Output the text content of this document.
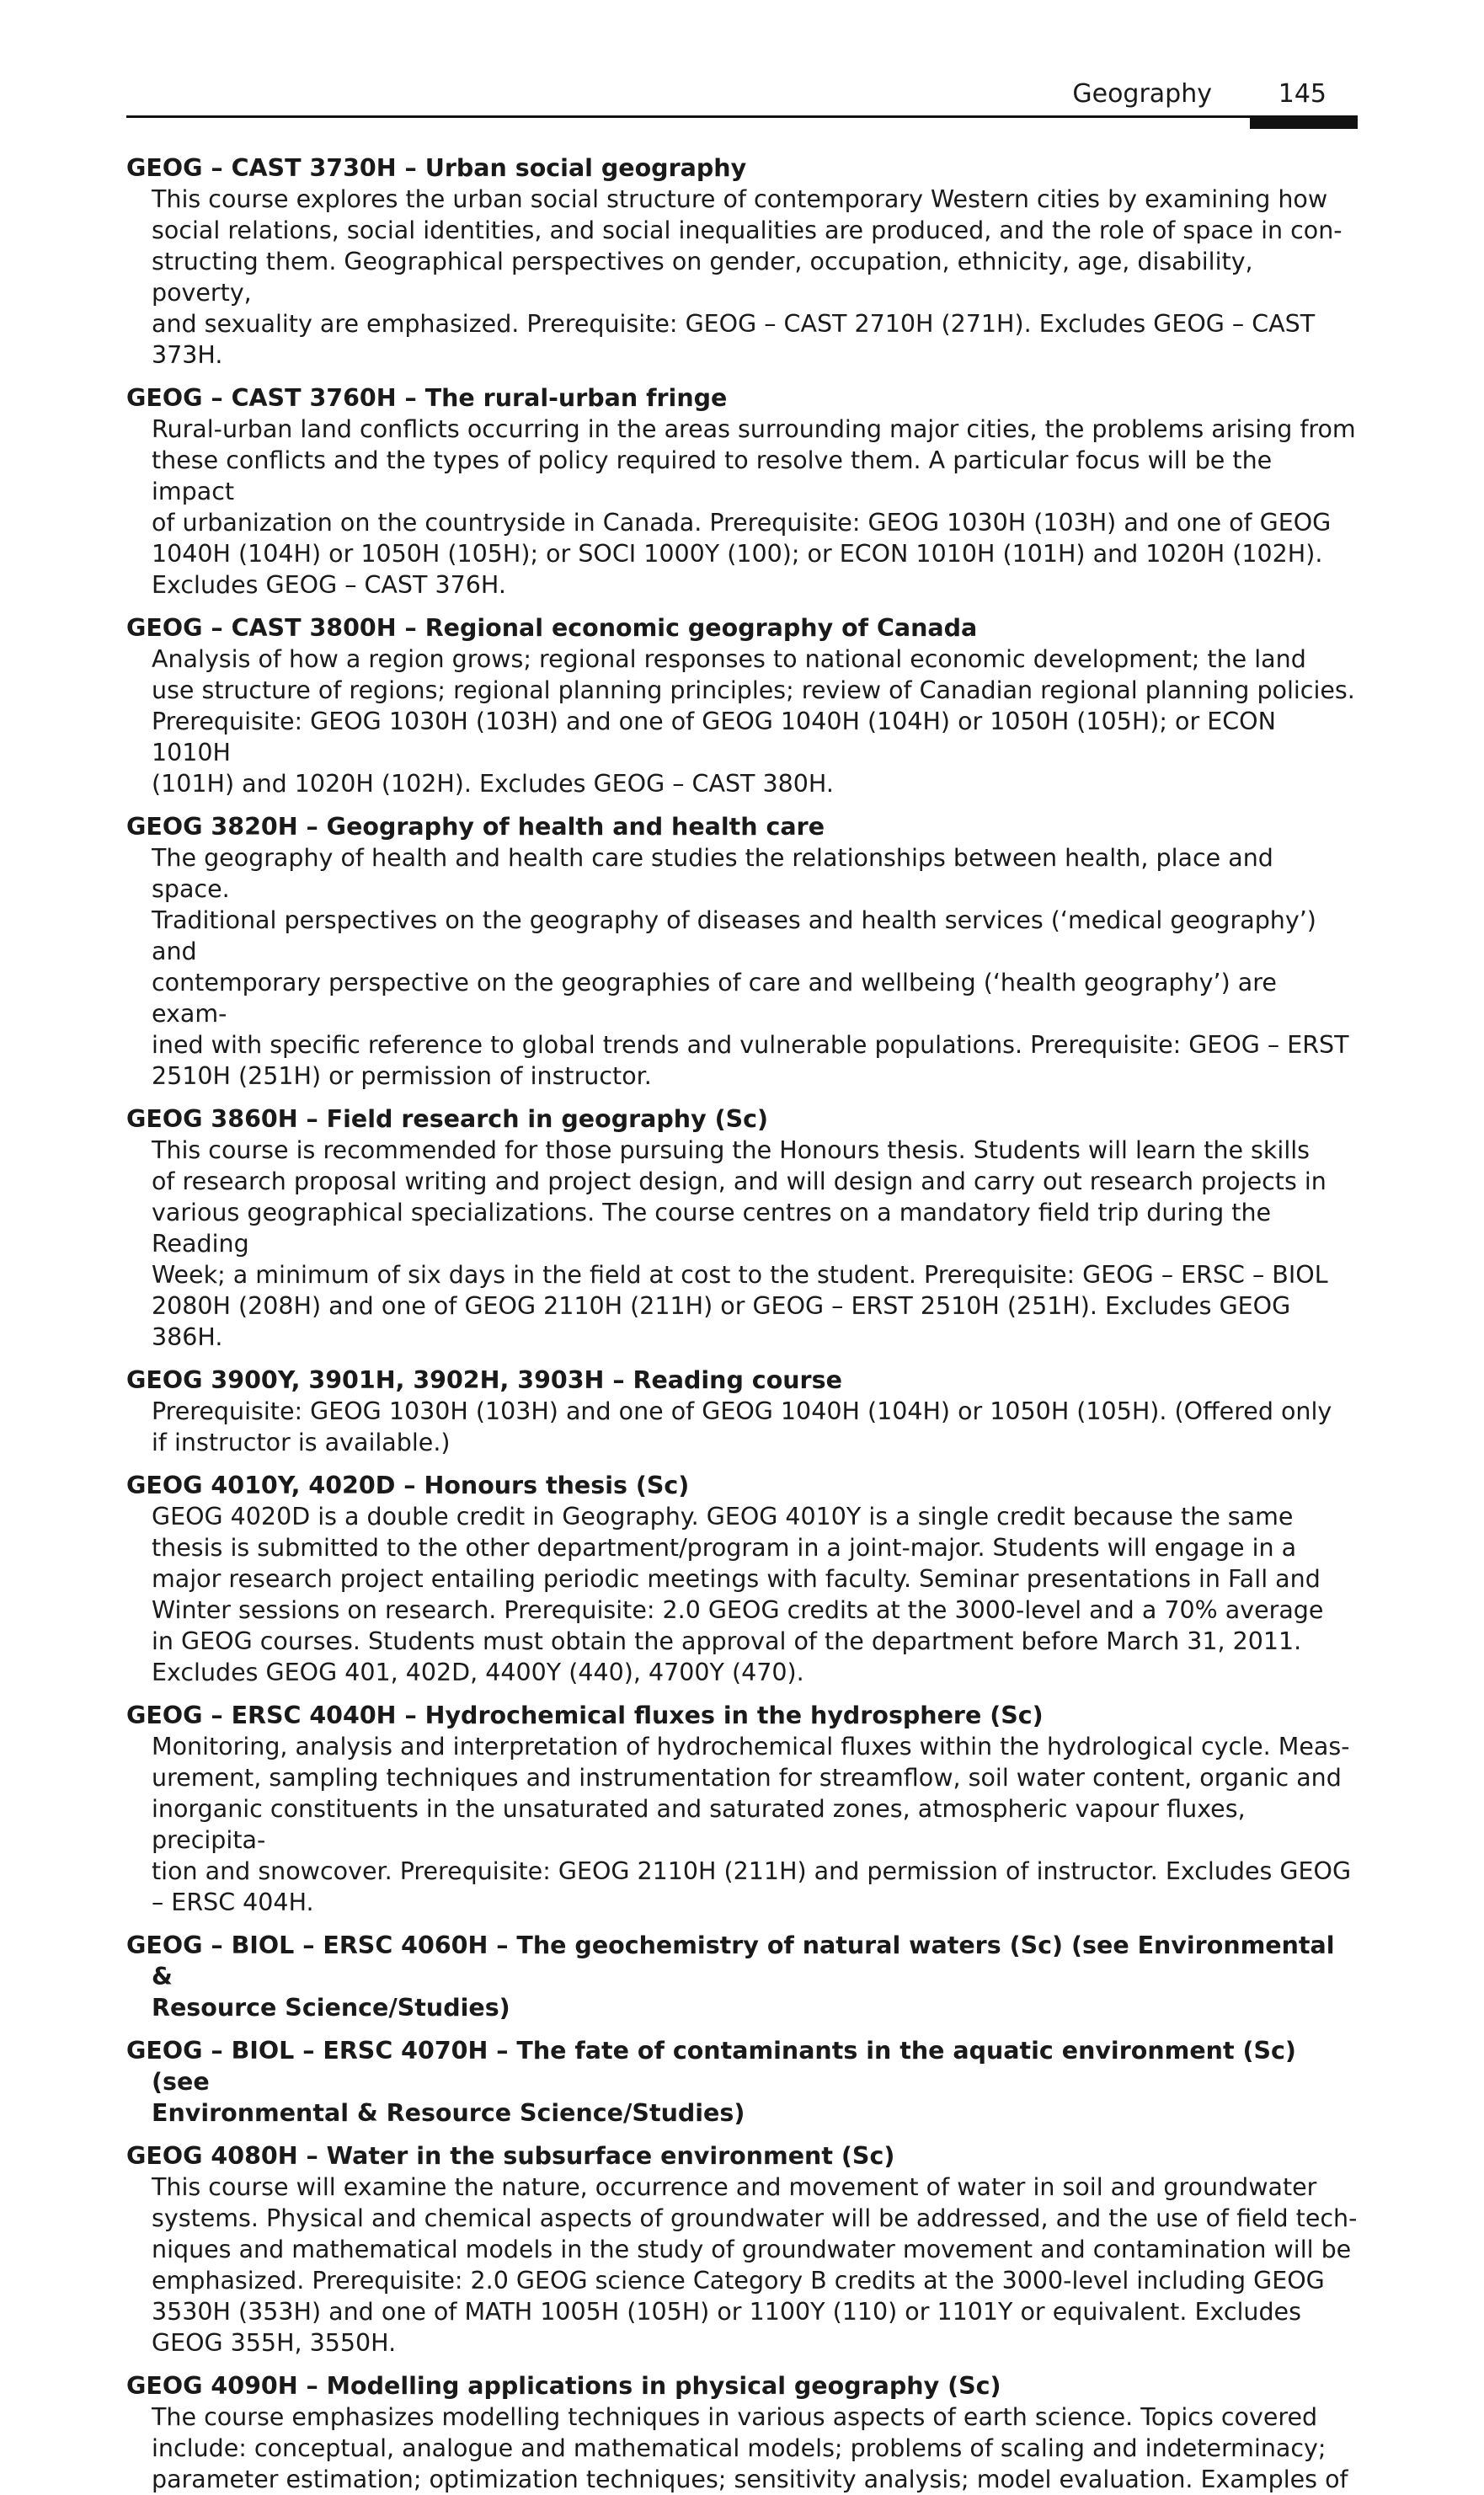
Geography	145
GEOG – CAST 3730H – Urban social geography
This course explores the urban social structure of contemporary Western cities by examining how
social relations, social identities, and social inequalities are produced, and the role of space in con-
structing them. Geographical perspectives on gender, occupation, ethnicity, age, disability, poverty,
and sexuality are emphasized. Prerequisite: GEOG – CAST 2710H (271H). Excludes GEOG – CAST
373H.
GEOG – CAST 3760H – The rural-urban fringe
Rural-urban land conflicts occurring in the areas surrounding major cities, the problems arising from
these conflicts and the types of policy required to resolve them. A particular focus will be the impact
of urbanization on the countryside in Canada. Prerequisite: GEOG 1030H (103H) and one of GEOG
1040H (104H) or 1050H (105H); or SOCI 1000Y (100); or ECON 1010H (101H) and 1020H (102H).
Excludes GEOG – CAST 376H.
GEOG – CAST 3800H – Regional economic geography of Canada
Analysis of how a region grows; regional responses to national economic development; the land
use structure of regions; regional planning principles; review of Canadian regional planning policies.
Prerequisite: GEOG 1030H (103H) and one of GEOG 1040H (104H) or 1050H (105H); or ECON 1010H
(101H) and 1020H (102H). Excludes GEOG – CAST 380H.
GEOG 3820H – Geography of health and health care
The geography of health and health care studies the relationships between health, place and space.
Traditional perspectives on the geography of diseases and health services (‘medical geography’) and
contemporary perspective on the geographies of care and wellbeing (‘health geography’) are exam-
ined with specific reference to global trends and vulnerable populations. Prerequisite: GEOG – ERST
2510H (251H) or permission of instructor.
GEOG 3860H – Field research in geography (Sc)
This course is recommended for those pursuing the Honours thesis. Students will learn the skills
of research proposal writing and project design, and will design and carry out research projects in
various geographical specializations. The course centres on a mandatory field trip during the Reading
Week; a minimum of six days in the field at cost to the student. Prerequisite: GEOG – ERSC – BIOL
2080H (208H) and one of GEOG 2110H (211H) or GEOG – ERST 2510H (251H). Excludes GEOG
386H.
GEOG 3900Y, 3901H, 3902H, 3903H – Reading course
Prerequisite: GEOG 1030H (103H) and one of GEOG 1040H (104H) or 1050H (105H). (Offered only
if instructor is available.)
GEOG 4010Y, 4020D – Honours thesis (Sc)
GEOG 4020D is a double credit in Geography. GEOG 4010Y is a single credit because the same
thesis is submitted to the other department/program in a joint-major. Students will engage in a
major research project entailing periodic meetings with faculty. Seminar presentations in Fall and
Winter sessions on research. Prerequisite: 2.0 GEOG credits at the 3000-level and a 70% average
in GEOG courses. Students must obtain the approval of the department before March 31, 2011.
Excludes GEOG 401, 402D, 4400Y (440), 4700Y (470).
GEOG – ERSC 4040H – Hydrochemical fluxes in the hydrosphere (Sc)
Monitoring, analysis and interpretation of hydrochemical fluxes within the hydrological cycle. Meas-
urement, sampling techniques and instrumentation for streamflow, soil water content, organic and
inorganic constituents in the unsaturated and saturated zones, atmospheric vapour fluxes, precipita-
tion and snowcover. Prerequisite: GEOG 2110H (211H) and permission of instructor. Excludes GEOG
– ERSC 404H.
GEOG – BIOL – ERSC 4060H – The geochemistry of natural waters (Sc) (see Environmental &
Resource Science/Studies)
GEOG – BIOL – ERSC 4070H – The fate of contaminants in the aquatic environment (Sc) (see
Environmental & Resource Science/Studies)
GEOG 4080H – Water in the subsurface environment (Sc)
This course will examine the nature, occurrence and movement of water in soil and groundwater
systems. Physical and chemical aspects of groundwater will be addressed, and the use of field tech-
niques and mathematical models in the study of groundwater movement and contamination will be
emphasized. Prerequisite: 2.0 GEOG science Category B credits at the 3000-level including GEOG
3530H (353H) and one of MATH 1005H (105H) or 1100Y (110) or 1101Y or equivalent. Excludes
GEOG 355H, 3550H.
GEOG 4090H – Modelling applications in physical geography (Sc)
The course emphasizes modelling techniques in various aspects of earth science. Topics covered
include: conceptual, analogue and mathematical models; problems of scaling and indeterminacy;
parameter estimation; optimization techniques; sensitivity analysis; model evaluation. Examples of
